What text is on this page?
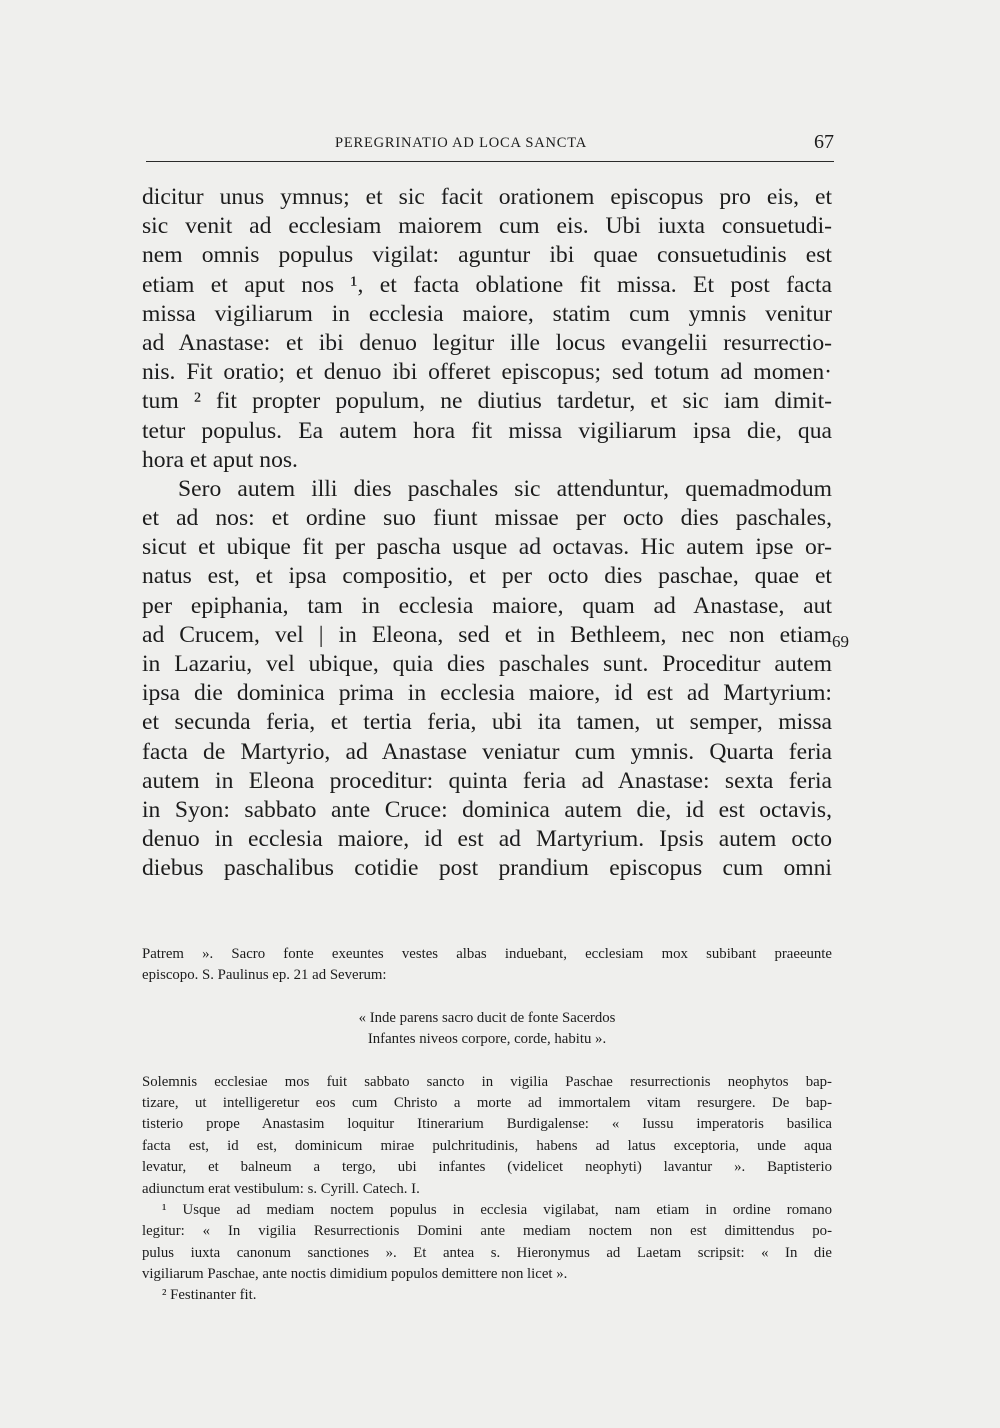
PEREGRINATIO AD LOCA SANCTA	67
69
dicitur unus ymnus; et sic facit orationem episcopus pro eis, et
sic venit ad ecclesiam maiorem cum eis. Ubi iuxta consuetudi-
nem omnis populus vigilat: aguntur ibi quae consuetudinis est
etiam et aput nos ¹, et facta oblatione fit missa. Et post facta
missa vigiliarum in ecclesia maiore, statim cum ymnis venitur
ad Anastase: et ibi denuo legitur ille locus evangelii resurrectio-
nis. Fit oratio; et denuo ibi offeret episcopus; sed totum ad momen·
tum ² fit propter populum, ne diutius tardetur, et sic iam dimit-
tetur populus. Ea autem hora fit missa vigiliarum ipsa die, qua
hora et aput nos.
Sero autem illi dies paschales sic attenduntur, quemadmodum
et ad nos: et ordine suo fiunt missae per octo dies paschales,
sicut et ubique fit per pascha usque ad octavas. Hic autem ipse or-
natus est, et ipsa compositio, et per octo dies paschae, quae et
per epiphania, tam in ecclesia maiore, quam ad Anastase, aut
ad Crucem, vel | in Eleona, sed et in Bethleem, nec non etiam
in Lazariu, vel ubique, quia dies paschales sunt. Proceditur autem
ipsa die dominica prima in ecclesia maiore, id est ad Martyrium:
et secunda feria, et tertia feria, ubi ita tamen, ut semper, missa
facta de Martyrio, ad Anastase veniatur cum ymnis. Quarta feria
autem in Eleona proceditur: quinta feria ad Anastase: sexta feria
in Syon: sabbato ante Cruce: dominica autem die, id est octavis,
denuo in ecclesia maiore, id est ad Martyrium. Ipsis autem octo
diebus paschalibus cotidie post prandium episcopus cum omni
Patrem ». Sacro fonte exeuntes vestes albas induebant, ecclesiam mox subibant praeeunte
episcopo. S. Paulinus ep. 21 ad Severum:
« Inde parens sacro ducit de fonte Sacerdos
Infantes niveos corpore, corde, habitu ».
Solemnis ecclesiae mos fuit sabbato sancto in vigilia Paschae resurrectionis neophytos bap-
tizare, ut intelligeretur eos cum Christo a morte ad immortalem vitam resurgere. De bap-
tisterio prope Anastasim loquitur Itinerarium Burdigalense: « Iussu imperatoris basilica
facta est, id est, dominicum mirae pulchritudinis, habens ad latus exceptoria, unde aqua
levatur, et balneum a tergo, ubi infantes (videlicet neophyti) lavantur ». Baptisterio
adiunctum erat vestibulum: s. Cyrill. Catech. I.
¹ Usque ad mediam noctem populus in ecclesia vigilabat, nam etiam in ordine romano
legitur: « In vigilia Resurrectionis Domini ante mediam noctem non est dimittendus po-
pulus iuxta canonum sanctiones ». Et antea s. Hieronymus ad Laetam scripsit: « In die
vigiliarum Paschae, ante noctis dimidium populos demittere non licet ».
² Festinanter fit.
